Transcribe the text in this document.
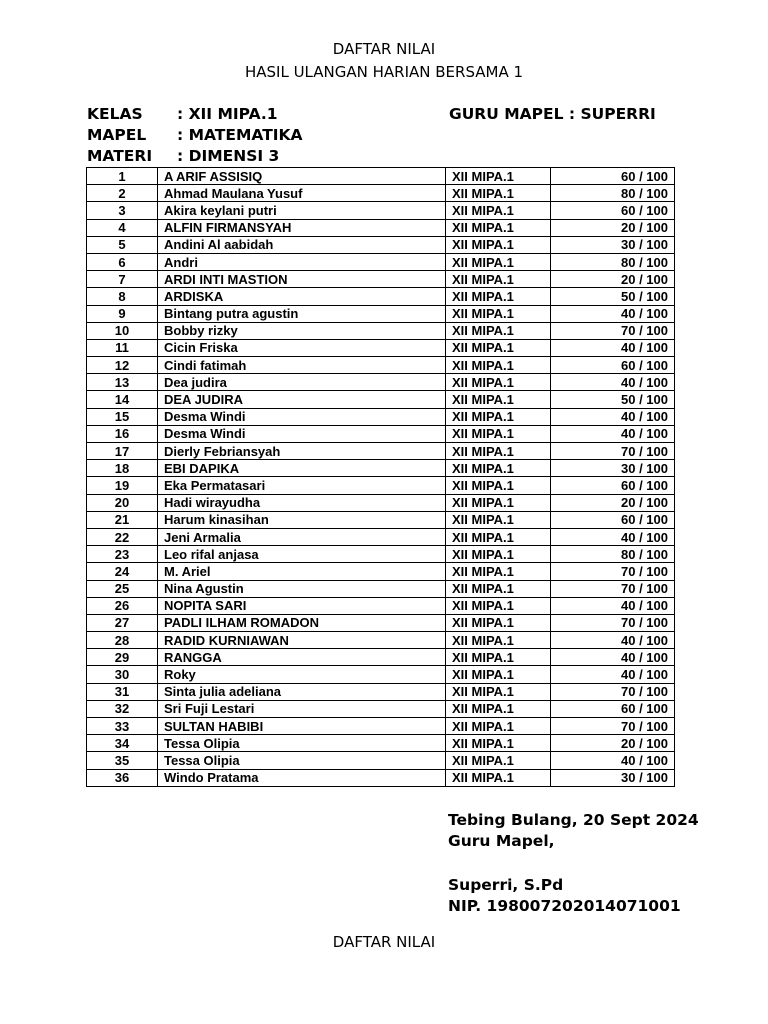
DAFTAR NILAI
HASIL ULANGAN HARIAN BERSAMA 1
KELAS : XII MIPA.1
MAPEL : MATEMATIKA
MATERI : DIMENSI 3
GURU MAPEL : SUPERRI
1	A ARIF ASSISIQ	XII MIPA.1	60 / 100
2	Ahmad Maulana Yusuf	XII MIPA.1	80 / 100
3	Akira keylani putri	XII MIPA.1	60 / 100
4	ALFIN FIRMANSYAH	XII MIPA.1	20 / 100
5	Andini Al aabidah	XII MIPA.1	30 / 100
6	Andri	XII MIPA.1	80 / 100
7	ARDI INTI MASTION	XII MIPA.1	20 / 100
8	ARDISKA	XII MIPA.1	50 / 100
9	Bintang putra agustin	XII MIPA.1	40 / 100
10	Bobby rizky	XII MIPA.1	70 / 100
11	Cicin Friska	XII MIPA.1	40 / 100
12	Cindi fatimah	XII MIPA.1	60 / 100
13	Dea judira	XII MIPA.1	40 / 100
14	DEA JUDIRA	XII MIPA.1	50 / 100
15	Desma Windi	XII MIPA.1	40 / 100
16	Desma Windi	XII MIPA.1	40 / 100
17	Dierly Febriansyah	XII MIPA.1	70 / 100
18	EBI DAPIKA	XII MIPA.1	30 / 100
19	Eka Permatasari	XII MIPA.1	60 / 100
20	Hadi wirayudha	XII MIPA.1	20 / 100
21	Harum kinasihan	XII MIPA.1	60 / 100
22	Jeni Armalia	XII MIPA.1	40 / 100
23	Leo rifal anjasa	XII MIPA.1	80 / 100
24	M. Ariel	XII MIPA.1	70 / 100
25	Nina Agustin	XII MIPA.1	70 / 100
26	NOPITA SARI	XII MIPA.1	40 / 100
27	PADLI ILHAM ROMADON	XII MIPA.1	70 / 100
28	RADID KURNIAWAN	XII MIPA.1	40 / 100
29	RANGGA	XII MIPA.1	40 / 100
30	Roky	XII MIPA.1	40 / 100
31	Sinta julia adeliana	XII MIPA.1	70 / 100
32	Sri Fuji Lestari	XII MIPA.1	60 / 100
33	SULTAN HABIBI	XII MIPA.1	70 / 100
34	Tessa Olipia	XII MIPA.1	20 / 100
35	Tessa Olipia	XII MIPA.1	40 / 100
36	Windo Pratama	XII MIPA.1	30 / 100
Tebing Bulang, 20 Sept 2024
Guru Mapel,
Superri, S.Pd
NIP. 198007202014071001
DAFTAR NILAI
